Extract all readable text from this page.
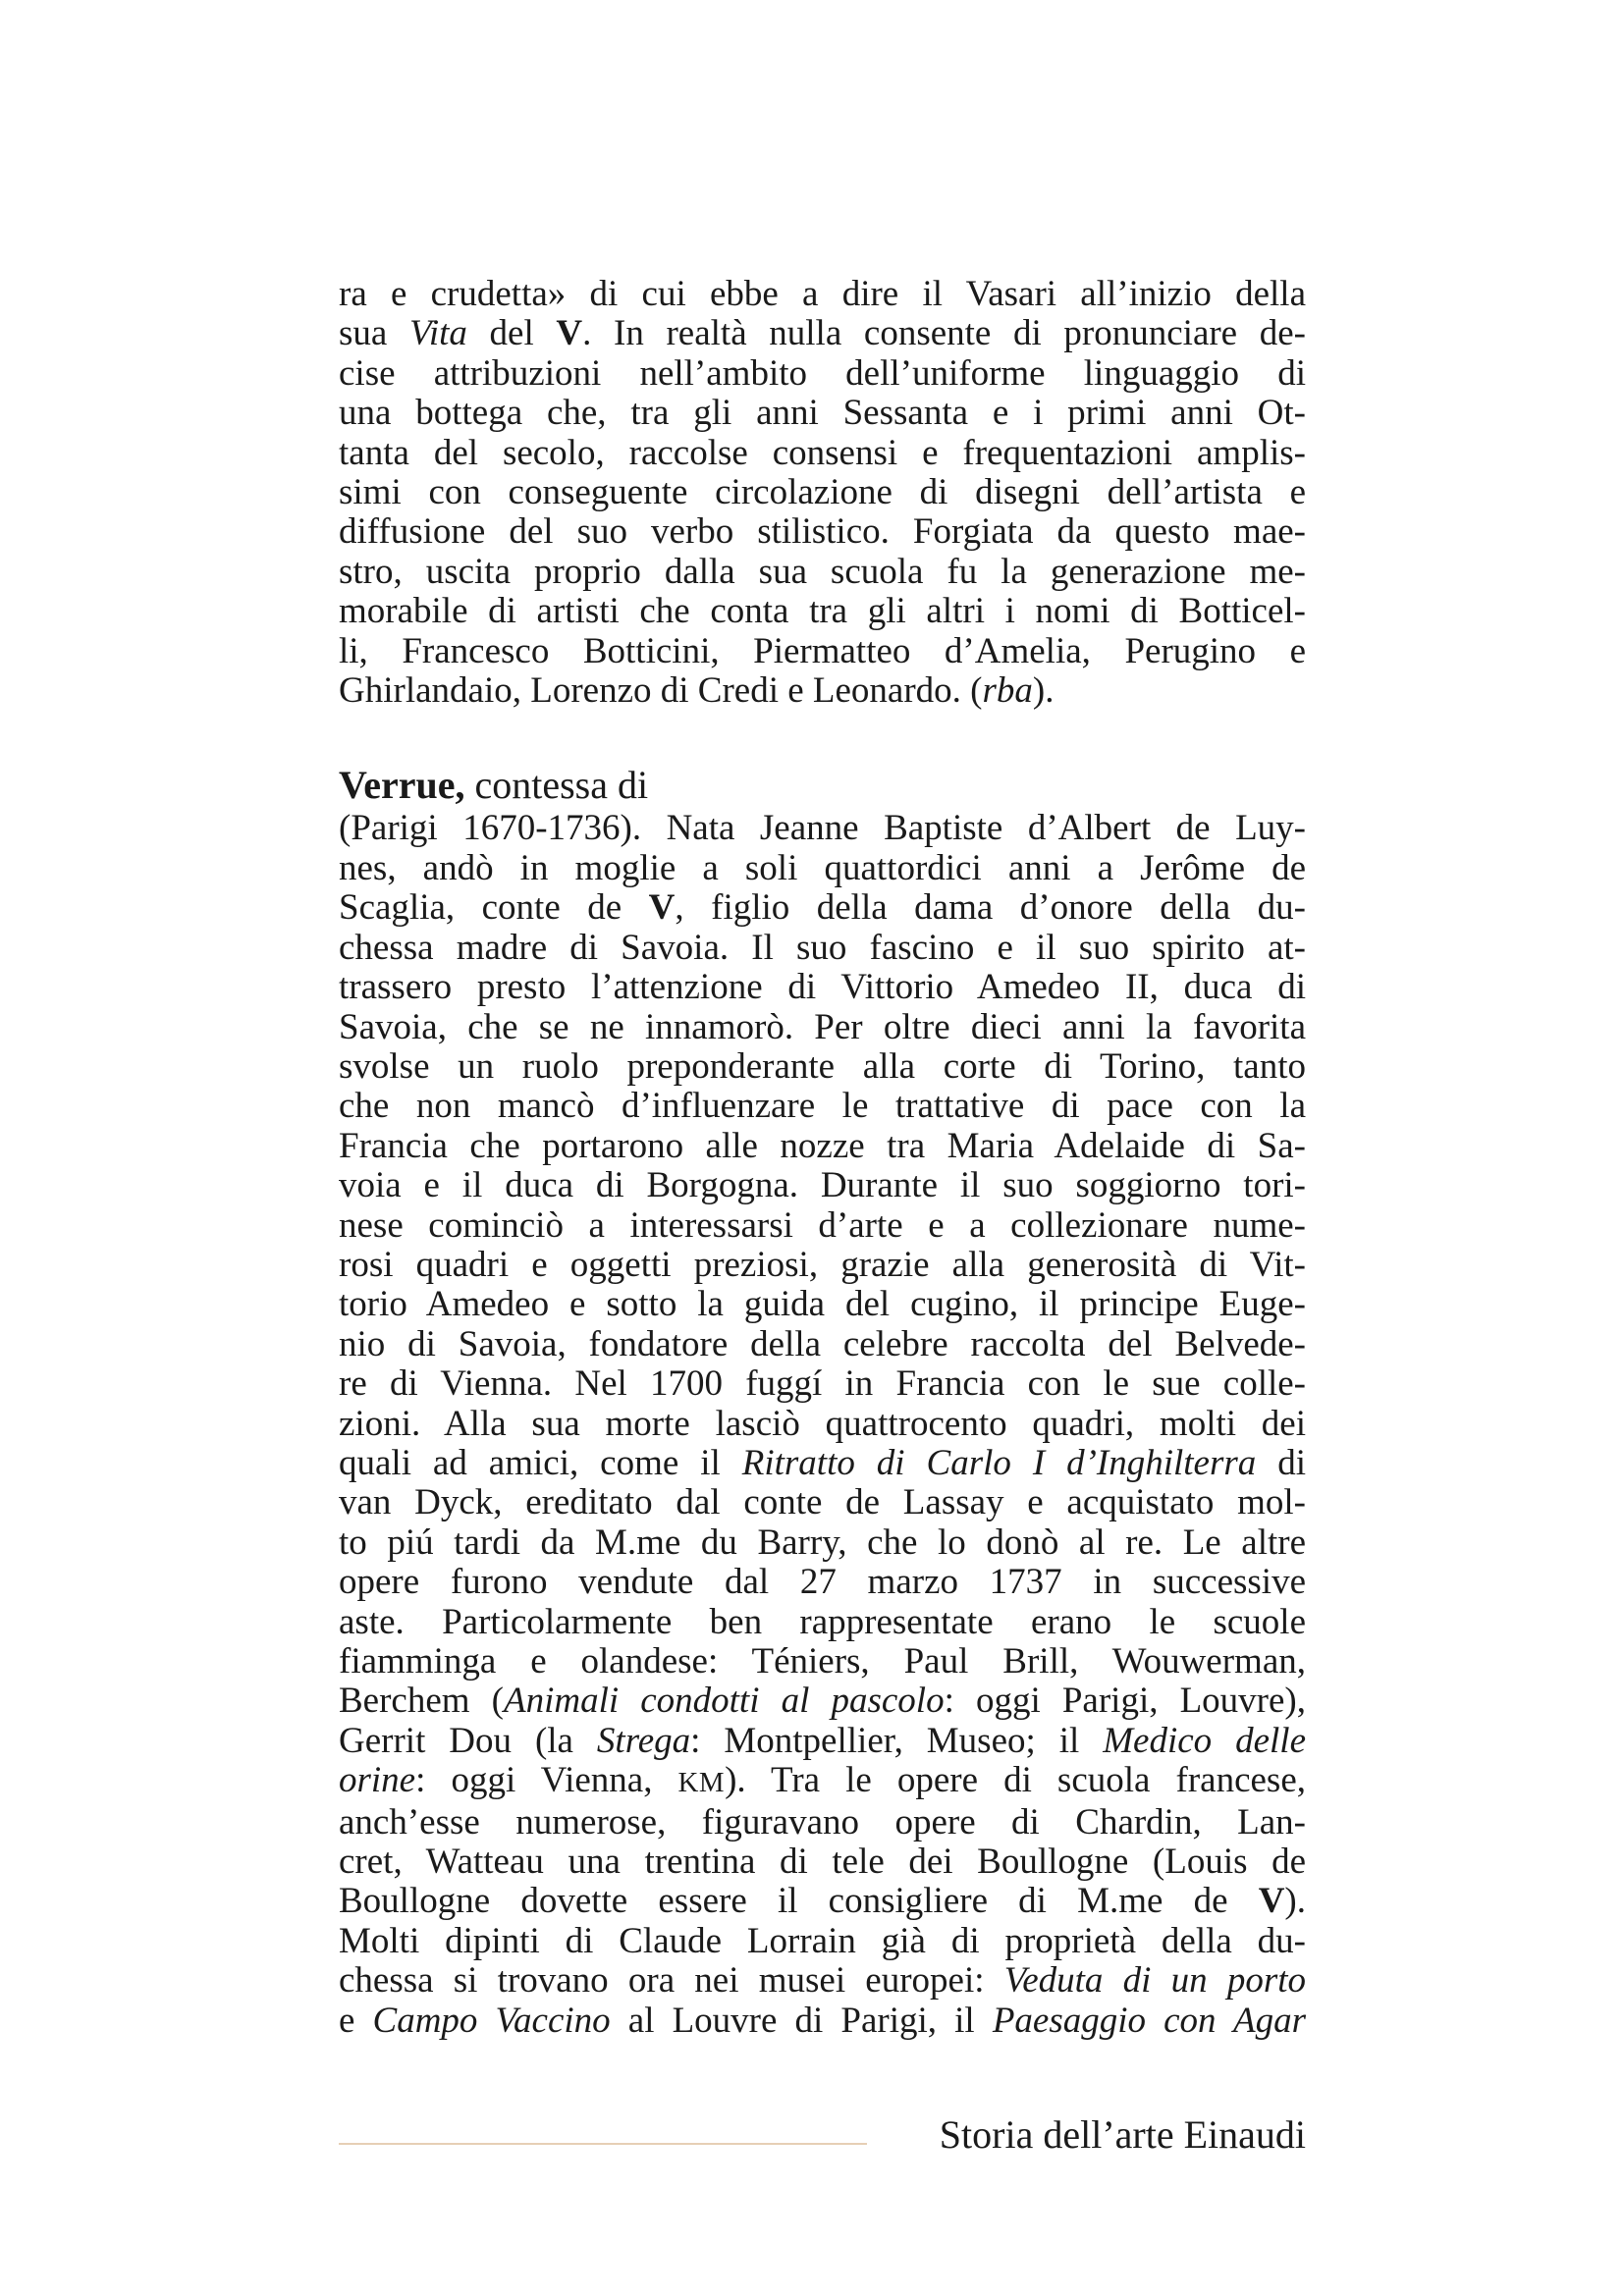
ra e crudetta» di cui ebbe a dire il Vasari all’inizio della
sua Vita del V. In realtà nulla consente di pronunciare de-
cise attribuzioni nell’ambito dell’uniforme linguaggio di
una bottega che, tra gli anni Sessanta e i primi anni Ot-
tanta del secolo, raccolse consensi e frequentazioni amplis-
simi con conseguente circolazione di disegni dell’artista e
diffusione del suo verbo stilistico. Forgiata da questo mae-
stro, uscita proprio dalla sua scuola fu la generazione me-
morabile di artisti che conta tra gli altri i nomi di Botticel-
li, Francesco Botticini, Piermatteo d’Amelia, Perugino e
Ghirlandaio, Lorenzo di Credi e Leonardo. (rba).

Verrue, contessa di

(Parigi 1670-1736). Nata Jeanne Baptiste d’Albert de Luy-
nes, andò in moglie a soli quattordici anni a Jerôme de
Scaglia, conte de V, figlio della dama d’onore della du-
chessa madre di Savoia. Il suo fascino e il suo spirito at-
trassero presto l’attenzione di Vittorio Amedeo II, duca di
Savoia, che se ne innamorò. Per oltre dieci anni la favorita
svolse un ruolo preponderante alla corte di Torino, tanto
che non mancò d’influenzare le trattative di pace con la
Francia che portarono alle nozze tra Maria Adelaide di Sa-
voia e il duca di Borgogna. Durante il suo soggiorno tori-
nese cominciò a interessarsi d’arte e a collezionare nume-
rosi quadri e oggetti preziosi, grazie alla generosità di Vit-
torio Amedeo e sotto la guida del cugino, il principe Euge-
nio di Savoia, fondatore della celebre raccolta del Belvede-
re di Vienna. Nel 1700 fuggí in Francia con le sue colle-
zioni. Alla sua morte lasciò quattrocento quadri, molti dei
quali ad amici, come il Ritratto di Carlo I d’Inghilterra di
van Dyck, ereditato dal conte de Lassay e acquistato mol-
to piú tardi da M.me du Barry, che lo donò al re. Le altre
opere furono vendute dal 27 marzo 1737 in successive
aste. Particolarmente ben rappresentate erano le scuole
fiamminga e olandese: Téniers, Paul Brill, Wouwerman,
Berchem (Animali condotti al pascolo: oggi Parigi, Louvre),
Gerrit Dou (la Strega: Montpellier, Museo; il Medico delle
orine: oggi Vienna, KM). Tra le opere di scuola francese,
anch’esse numerose, figuravano opere di Chardin, Lan-
cret, Watteau una trentina di tele dei Boullogne (Louis de
Boullogne dovette essere il consigliere di M.me de V).
Molti dipinti di Claude Lorrain già di proprietà della du-
chessa si trovano ora nei musei europei: Veduta di un porto
e Campo Vaccino al Louvre di Parigi, il Paesaggio con Agar

Storia dell’arte Einaudi
